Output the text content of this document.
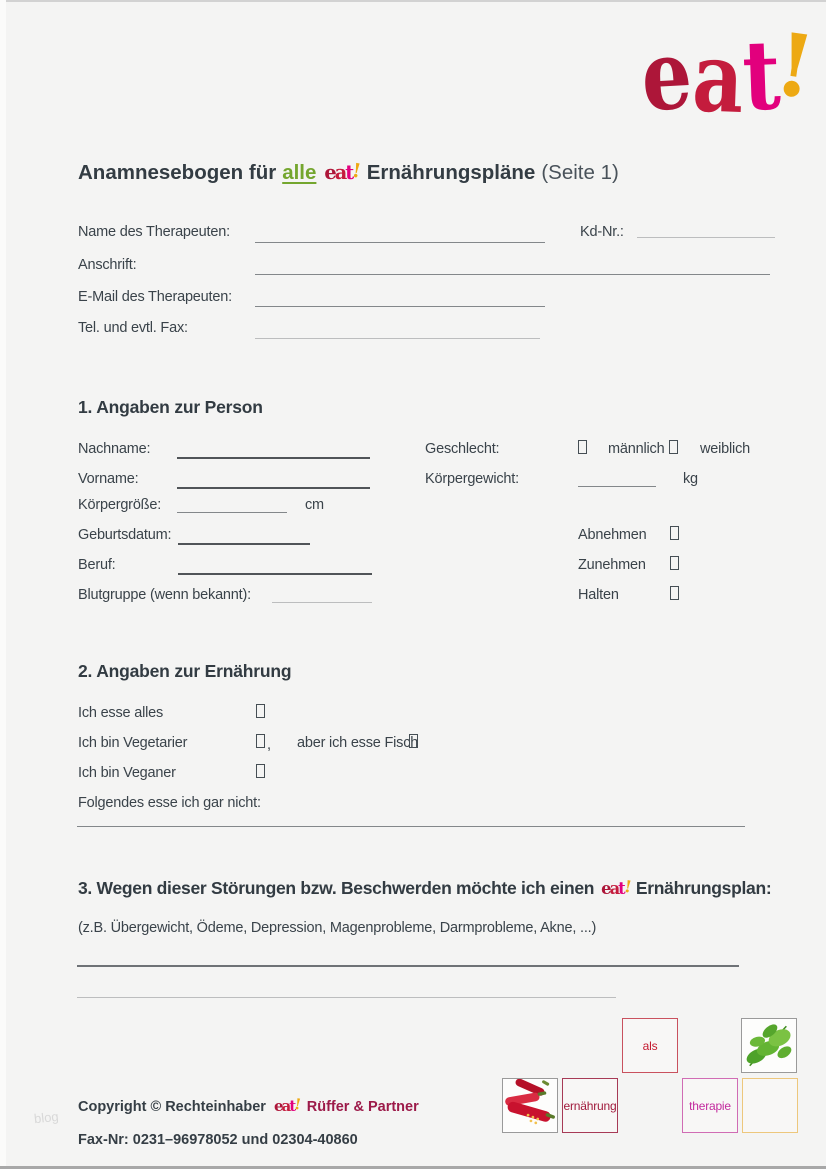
eat!
Anamnesebogen für alle eat! Ernährungspläne (Seite 1)
Name des Therapeuten:	Kd-Nr.:
Anschrift:
E-Mail des Therapeuten:
Tel. und evtl. Fax:
1. Angaben zur Person
Nachname:	Geschlecht:	männlich weiblich
Vorname:	Körpergewicht:	kg
Körpergröße:	cm
Geburtsdatum:	Abnehmen
Beruf:	Zunehmen
Blutgruppe (wenn bekannt):	Halten
2. Angaben zur Ernährung
Ich esse alles
Ich bin Vegetarier	, aber ich esse Fisch
Ich bin Veganer
Folgendes esse ich gar nicht:
3. Wegen dieser Störungen bzw. Beschwerden möchte ich einen eat! Ernährungsplan:
(z.B. Übergewicht, Ödeme, Depression, Magenprobleme, Darmprobleme, Akne, ...)
als
ernährung	therapie
blog
Copyright © Rechteinhaber eat! Rüffer & Partner
Fax-Nr: 0231–96978052 und 02304-40860
